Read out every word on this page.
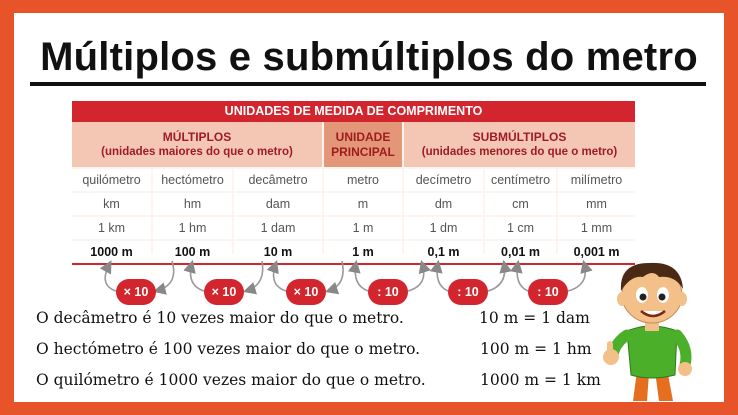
Múltiplos e submúltiplos do metro
UNIDADES DE MEDIDA DE COMPRIMENTO
MÚLTIPLOS
(unidades maiores do que o metro)
UNIDADE
PRINCIPAL
SUBMÚLTIPLOS
(unidades menores do que o metro)
quilómetro	hectómetro	decâmetro	metro	decímetro	centímetro	milímetro
km	hm	dam	m	dm	cm	mm
1 km	1 hm	1 dam	1 m	1 dm	1 cm	1 mm
1000 m	100 m	10 m	1 m	0,1 m	0,01 m	0,001 m
× 10	× 10	× 10	: 10	: 10	: 10
O decâmetro é 10 vezes maior do que o metro.	10 m = 1 dam
O hectómetro é 100 vezes maior do que o metro.	100 m = 1 hm
O quilómetro é 1000 vezes maior do que o metro.	1000 m = 1 km
